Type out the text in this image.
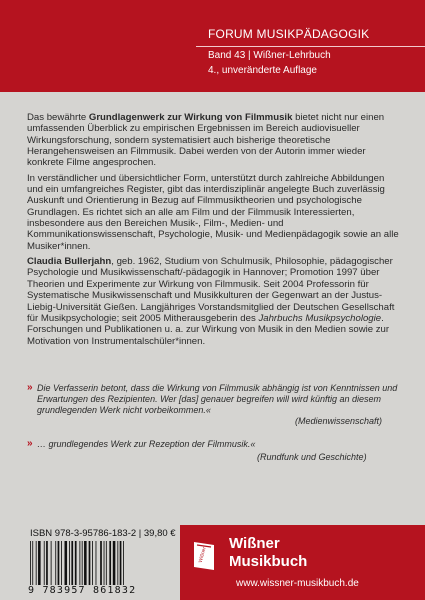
FORUM MUSIKPÄDAGOGIK
Band 43 | Wißner-Lehrbuch
4., unveränderte Auflage

Das bewährte Grundlagenwerk zur Wirkung von Filmmusik bietet nicht nur einen umfassenden Überblick zu empirischen Ergebnissen im Bereich audiovisueller Wirkungsforschung, sondern systematisiert auch bisherige theoretische Herangehensweisen an Filmmusik. Dabei werden von der Autorin immer wieder konkrete Filme angesprochen.

In verständlicher und übersichtlicher Form, unterstützt durch zahlreiche Abbildungen und ein umfangreiches Register, gibt das interdisziplinär angelegte Buch zuverlässig Auskunft und Orientierung in Bezug auf Filmmusiktheorien und psychologische Grundlagen. Es richtet sich an alle am Film und der Filmmusik Interessierten, insbesondere aus den Bereichen Musik-, Film-, Medien- und Kommunikationswissenschaft, Psychologie, Musik- und Medienpädagogik sowie an alle Musiker*innen.

Claudia Bullerjahn, geb. 1962, Studium von Schulmusik, Philosophie, pädagogischer Psychologie und Musikwissenschaft/-pädagogik in Hannover; Promotion 1997 über Theorien und Experimente zur Wirkung von Filmmusik. Seit 2004 Professorin für Systematische Musikwissenschaft und Musikkulturen der Gegenwart an der Justus-Liebig-Universität Gießen. Langjähriges Vorstandsmitglied der Deutschen Gesellschaft für Musikpsychologie; seit 2005 Mitherausgeberin des Jahrbuchs Musikpsychologie. Forschungen und Publikationen u. a. zur Wirkung von Musik in den Medien sowie zur Motivation von Instrumentalschüler*innen.

» Die Verfasserin betont, dass die Wirkung von Filmmusik abhängig ist von Kenntnissen und Erwartungen des Rezipienten. Wer [das] genauer begreifen will wird künftig an diesem grundlegenden Werk nicht vorbeikommen.«
(Medienwissenschaft)
» … grundlegendes Werk zur Rezeption der Filmmusik.«
(Rundfunk und Geschichte)
ISBN 978-3-95786-183-2 | 39,80 €
9 783957 861832
Wißner
Wißner
Musikbuch
www.wissner-musikbuch.de
